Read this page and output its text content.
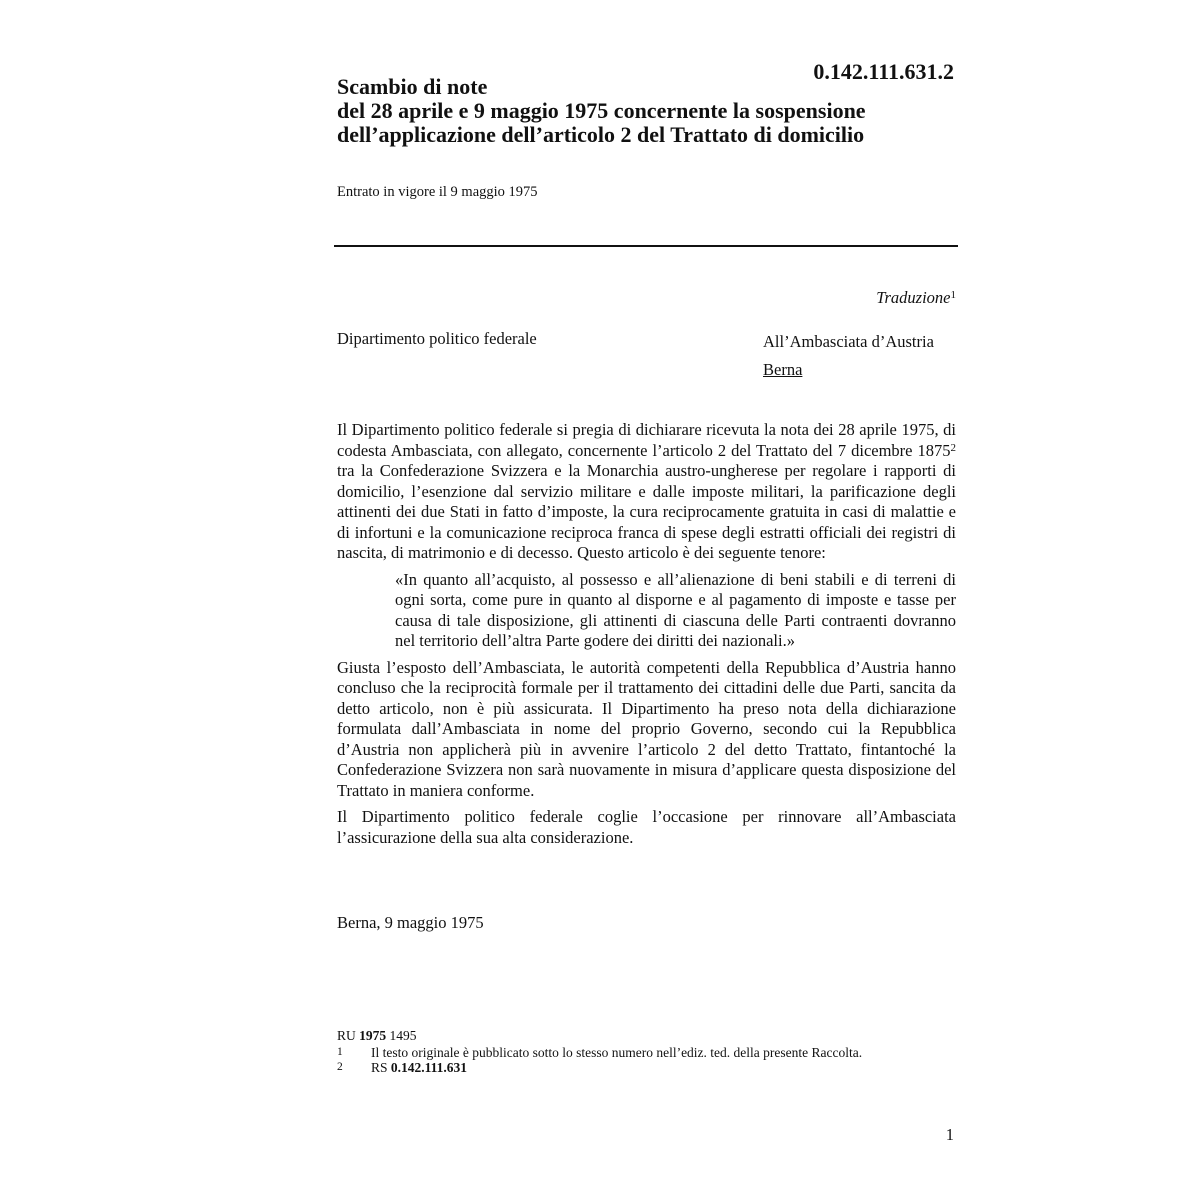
0.142.111.631.2
Scambio di note
del 28 aprile e 9 maggio 1975 concernente la sospensione
dell’applicazione dell’articolo 2 del Trattato di domicilio
Entrato in vigore il 9 maggio 1975
Traduzione$^1$
Dipartimento politico federale	All’Ambasciata d’Austria
Berna

Il Dipartimento politico federale si pregia di dichiarare ricevuta la nota dei 28 aprile 1975, di codesta Ambasciata, con allegato, concernente l’articolo 2 del Trattato del 7 dicembre 1875$^2$ tra la Confederazione Svizzera e la Monarchia austro-ungherese per regolare i rapporti di domicilio, l’esenzione dal servizio militare e dalle imposte militari, la parificazione degli attinenti dei due Stati in fatto d’imposte, la cura reciprocamente gratuita in casi di malattie e di infortuni e la comunicazione reciproca franca di spese degli estratti officiali dei registri di nascita, di matrimonio e di decesso. Questo articolo è dei seguente tenore:

«In quanto all’acquisto, al possesso e all’alienazione di beni stabili e di terreni di ogni sorta, come pure in quanto al disporne e al pagamento di imposte e tasse per causa di tale disposizione, gli attinenti di ciascuna delle Parti contraenti dovranno nel territorio dell’altra Parte godere dei diritti dei nazionali.»

Giusta l’esposto dell’Ambasciata, le autorità competenti della Repubblica d’Austria hanno concluso che la reciprocità formale per il trattamento dei cittadini delle due Parti, sancita da detto articolo, non è più assicurata. Il Dipartimento ha preso nota della dichiarazione formulata dall’Ambasciata in nome del proprio Governo, secondo cui la Repubblica d’Austria non applicherà più in avvenire l’articolo 2 del detto Trattato, fintantoché la Confederazione Svizzera non sarà nuovamente in misura d’applicare questa disposizione del Trattato in maniera conforme.

Il Dipartimento politico federale coglie l’occasione per rinnovare all’Ambasciata l’assicurazione della sua alta considerazione.

Berna, 9 maggio 1975
RU 1975 1495
1	Il testo originale è pubblicato sotto lo stesso numero nell’ediz. ted. della presente Raccolta.
2	RS 0.142.111.631
1
